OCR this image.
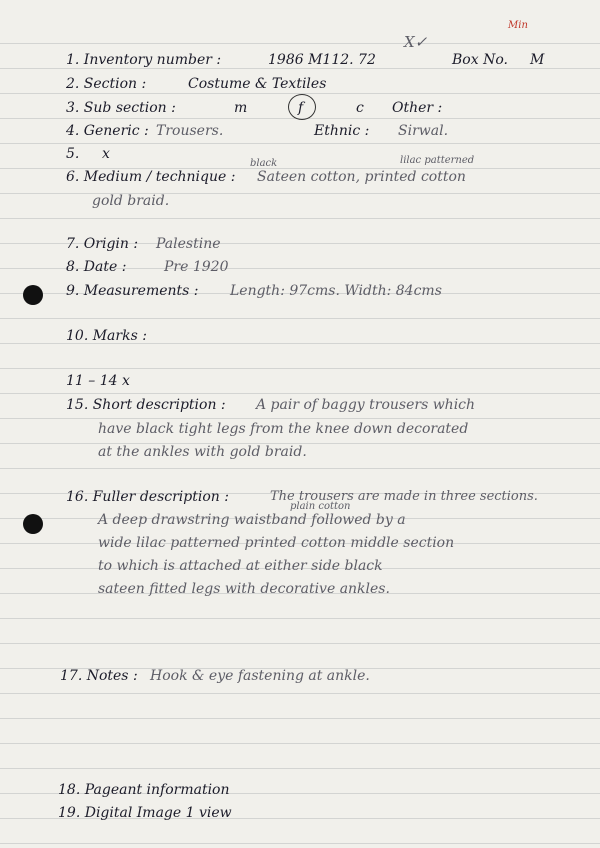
Min
X✓
1. Inventory number :	1986 M112. 72	Box No. M
2. Section :	Costume & Textiles
3. Sub section :	m	f	c Other :
4. Generic : Trousers.	Ethnic : Sirwal.
5. x
black	lilac patterned
6. Medium / technique : Sateen cotton, printed cotton
gold braid.
7. Origin : Palestine
8. Date :	Pre 1920
9. Measurements : Length: 97cms. Width: 84cms
10. Marks :
11 – 14 x
15. Short description : A pair of baggy trousers which
have black tight legs from the knee down decorated
at the ankles with gold braid.
16. Fuller description :	The trousers are made in three sections.
plain cotton
A deep drawstring waistband followed by a
wide lilac patterned printed cotton middle section
to which is attached at either side black
sateen fitted legs with decorative ankles.
17. Notes : Hook & eye fastening at ankle.
18. Pageant information
19. Digital Image 1 view
